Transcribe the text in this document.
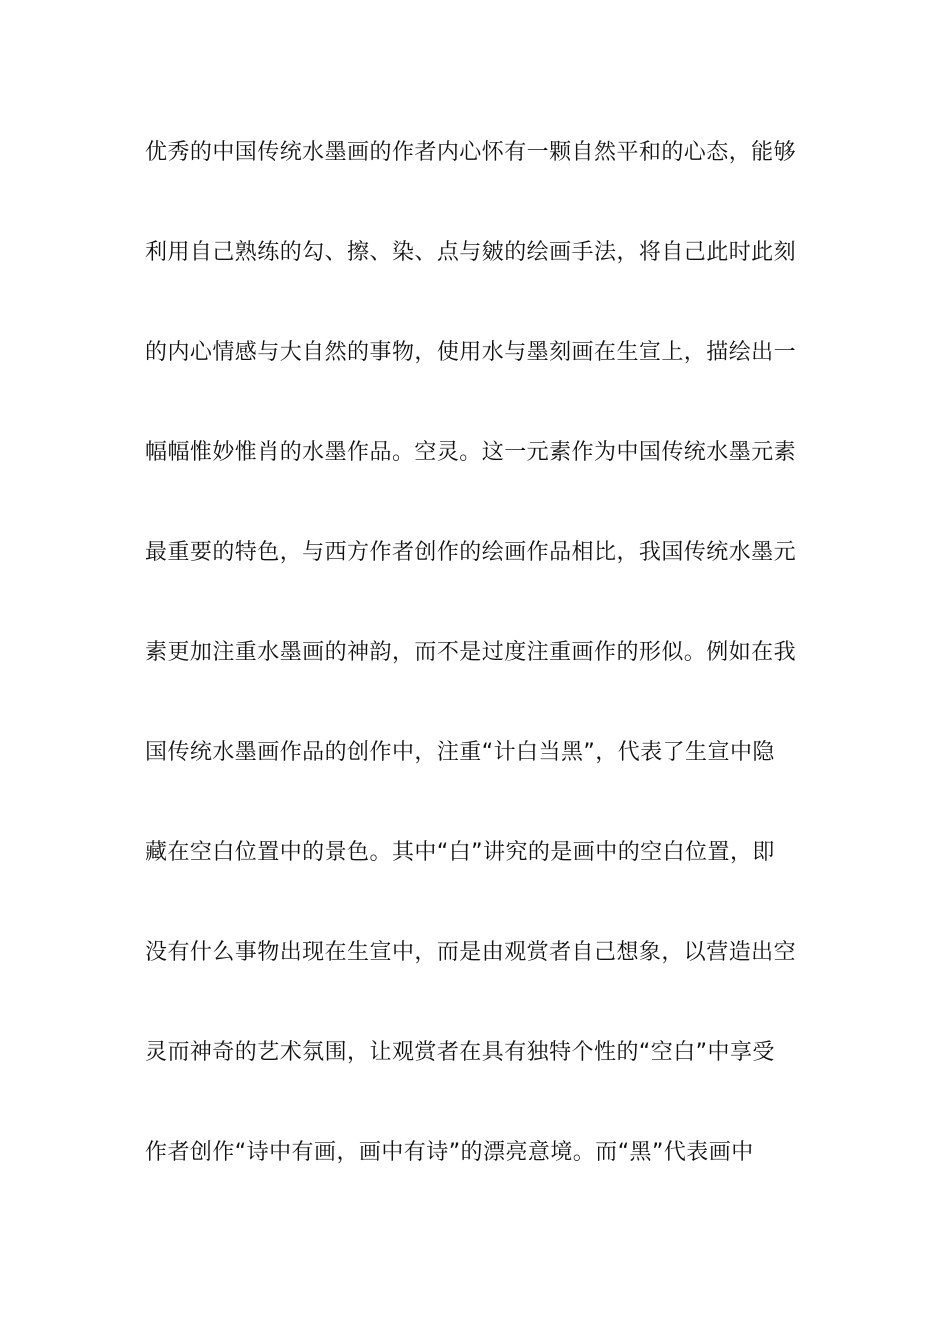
优秀的中国传统水墨画的作者内心怀有一颗自然平和的心态，能够
利用自己熟练的勾、擦、染、点与皴的绘画手法，将自己此时此刻
的内心情感与大自然的事物，使用水与墨刻画在生宣上，描绘出一
幅幅惟妙惟肖的水墨作品。空灵。这一元素作为中国传统水墨元素
最重要的特色，与西方作者创作的绘画作品相比，我国传统水墨元
素更加注重水墨画的神韵，而不是过度注重画作的形似。例如在我
国传统水墨画作品的创作中，注重“计白当黑”，代表了生宣中隐
藏在空白位置中的景色。其中“白”讲究的是画中的空白位置，即
没有什么事物出现在生宣中，而是由观赏者自己想象，以营造出空
灵而神奇的艺术氛围，让观赏者在具有独特个性的“空白”中享受
作者创作“诗中有画，画中有诗”的漂亮意境。而“黑”代表画中
